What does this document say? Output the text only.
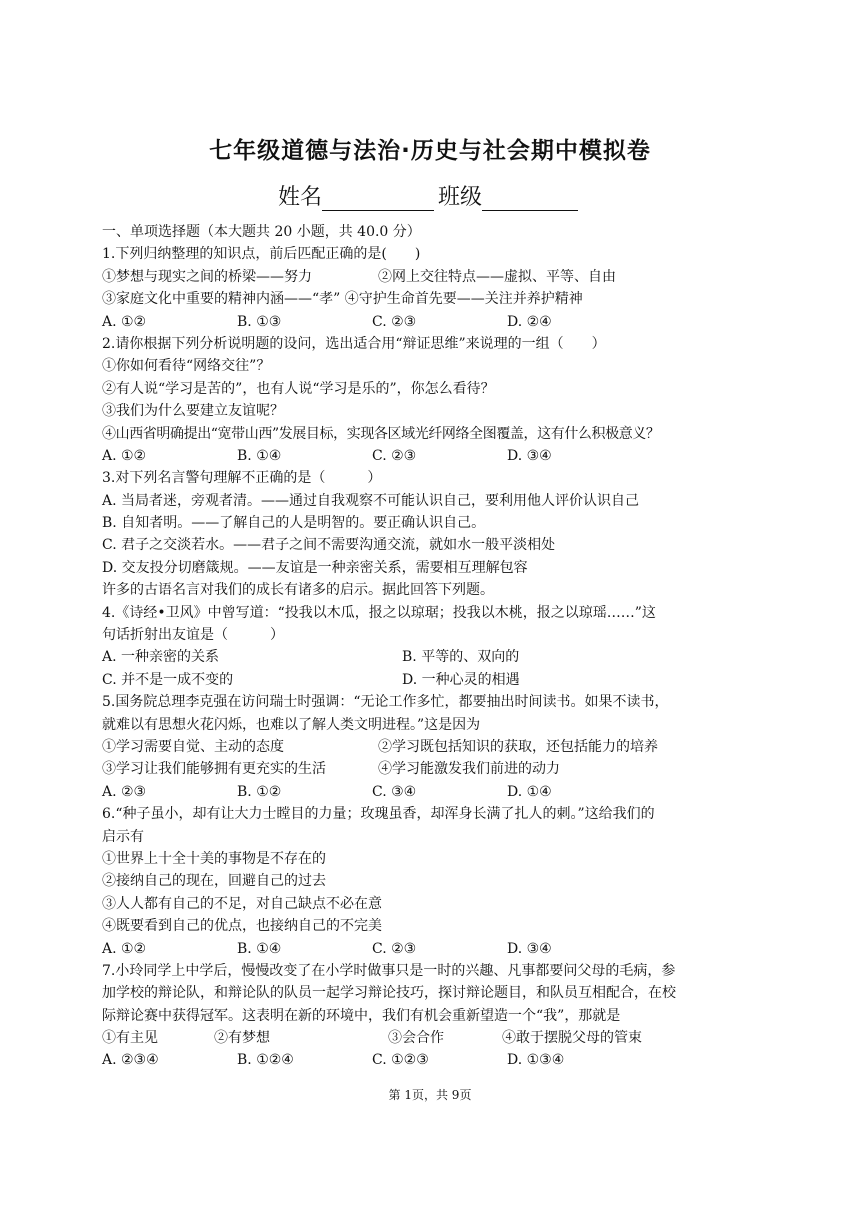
七年级道德与法治·历史与社会期中模拟卷
姓名	班级
一、单项选择题（本大题共 20 小题，共 40.0 分）
1.下列归纳整理的知识点，前后匹配正确的是(　　)
①梦想与现实之间的桥梁——努力	②网上交往特点——虚拟、平等、自由
③家庭文化中重要的精神内涵——“孝” ④守护生命首先要——关注并养护精神
A. ①②	B. ①③	C. ②③	D. ②④
2.请你根据下列分析说明题的设问，选出适合用“辩证思维”来说理的一组（　　）
①你如何看待“网络交往”？
②有人说“学习是苦的”，也有人说“学习是乐的”，你怎么看待？
③我们为什么要建立友谊呢？
④山西省明确提出“宽带山西”发展目标，实现各区域光纤网络全图覆盖，这有什么积极意义？
A. ①②	B. ①④	C. ②③	D. ③④
3.对下列名言警句理解不正确的是（　　　）
A. 当局者迷，旁观者清。——通过自我观察不可能认识自己，要利用他人评价认识自己
B. 自知者明。——了解自己的人是明智的。要正确认识自己。
C. 君子之交淡若水。——君子之间不需要沟通交流，就如水一般平淡相处
D. 交友投分切磨箴规。——友谊是一种亲密关系，需要相互理解包容
许多的古语名言对我们的成长有诸多的启示。据此回答下列题。
4.《诗经•卫风》中曾写道：“投我以木瓜，报之以琼琚；投我以木桃，报之以琼瑶……”这
句话折射出友谊是（　　　）
A. 一种亲密的关系	B. 平等的、双向的
C. 并不是一成不变的	D. 一种心灵的相遇
5.国务院总理李克强在访问瑞士时强调：“无论工作多忙，都要抽出时间读书。如果不读书，
就难以有思想火花闪烁，也难以了解人类文明进程。”这是因为
①学习需要自觉、主动的态度	②学习既包括知识的获取，还包括能力的培养
③学习让我们能够拥有更充实的生活	④学习能激发我们前进的动力
A. ②③	B. ①②	C. ③④	D. ①④
6.“种子虽小，却有让大力士瞠目的力量；玫瑰虽香，却浑身长满了扎人的刺。”这给我们的
启示有
①世界上十全十美的事物是不存在的
②接纳自己的现在，回避自己的过去
③人人都有自己的不足，对自己缺点不必在意
④既要看到自己的优点，也接纳自己的不完美
A. ①②	B. ①④	C. ②③	D. ③④
7.小玲同学上中学后，慢慢改变了在小学时做事只是一时的兴趣、凡事都要问父母的毛病，参
加学校的辩论队，和辩论队的队员一起学习辩论技巧，探讨辩论题目，和队员互相配合，在校
际辩论赛中获得冠军。这表明在新的环境中，我们有机会重新望造一个“我”，那就是
①有主见	②有梦想	③会合作	④敢于摆脱父母的管束
A. ②③④	B. ①②④	C. ①②③	D. ①③④
第 1页，共 9页
